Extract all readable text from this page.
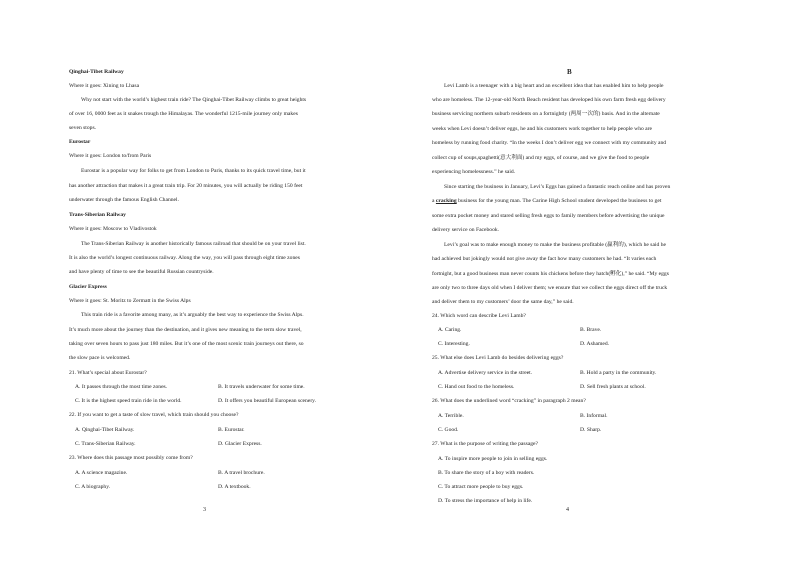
Qinghai-Tibet Railway
Where it goes: Xining to Lhasa
Why not start with the world’s highest train ride? The Qinghai-Tibet Railway climbs to great heights
of over 16, 0000 feet as it snakes trough the Himalayas. The wonderful 1215-mile journey only makes
seven stops.
Eurostar
Where it goes: London to/from Paris
Eurostar is a popular way for folks to get from London to Paris, thanks to its quick travel time, but it
has another attraction that makes it a great train trip. For 20 minutes, you will actually be riding 150 feet
underwater through the famous English Channel.
Trans-Siberian Railway
Where it goes: Moscow to Vladivostok
The Trans-Siberian Railway is another historically famous railroad that should be on your travel list.
It is also the world’s longest continuous railway. Along the way, you will pass through eight time zones
and have plenty of time to see the beautiful Russian countryside.
Glacier Express
Where it goes: St. Moritz to Zermatt in the Swiss Alps
This train ride is a favorite among many, as it’s arguably the best way to experience the Swiss Alps.
It’s much more about the journey than the destination, and it gives new meaning to the term slow travel,
taking over seven hours to pass just 180 miles. But it’s one of the most scenic train journeys out there, so
the slow pace is welcomed.
21. What’s special about Eurostar?
A. It passes through the most time zones.	B. It travels underwater for some time.
C. It is the highest speed train ride in the world.	D. It offers you beautiful European scenery.
22. If you want to get a taste of slow travel, which train should you choose?
A. Qinghai-Tibet Railway.	B. Eurostar.
C. Trans-Siberian Railway.	D. Glacier Express.
23. Where does this passage most possibly come from?
A. A science magazine.	B. A travel brochure.
C. A biography.	D. A textbook.
3
B
Levi Lamb is a teenager with a big heart and an excellent idea that has enabled him to help people
who are homeless. The 12-year-old North Beach resident has developed his own farm fresh egg delivery
business servicing northern suburb residents on a fortnightly (两周一次的) basis. And in the alternate
weeks when Levi doesn’t deliver eggs, he and his customers work together to help people who are
homeless by running food charity. “In the weeks I don’t deliver egg we connect with my community and
collect cup of soups,spaghetti(意大利面) and my eggs, of course, and we give the food to people
experiencing homelessness.” he said.
Since starting the business in January, Levi’s Eggs has gained a fantastic reach online and has proven
a cracking business for the young man. The Carine High School student developed the business to get
some extra pocket money and stared selling fresh eggs to family members before advertising the unique
delivery service on Facebook.
Levi’s goal was to make enough money to make the business profitable (赢利的), which he said he
had achieved but jokingly would not give away the fact how many customers he had. “It varies each
fortnight, but a good business man never counts his chickens before they hatch(孵化),” he said. “My eggs
are only two to three days old when I deliver them; we ensure that we collect the eggs direct off the truck
and deliver them to my customers’ door the same day,” he said.
24. Which word can describe Levi Lamb?
A. Caring.	B. Brave.
C. Interesting.	D. Ashamed.
25. What else does Levi Lamb do besides delivering eggs?
A. Advertise delivery service in the street.	B. Hold a party in the community.
C. Hand out food to the homeless.	D. Sell fresh plants at school.
26. What does the underlined word “cracking” in paragraph 2 mean?
A. Terrible.	B. Informal.
C. Good.	D. Sharp.
27. What is the purpose of writing the passage?
A. To inspire more people to join in selling eggs.
B. To share the story of a boy with readers.
C. To attract more people to buy eggs.
D. To stress the importance of help in life.
4
